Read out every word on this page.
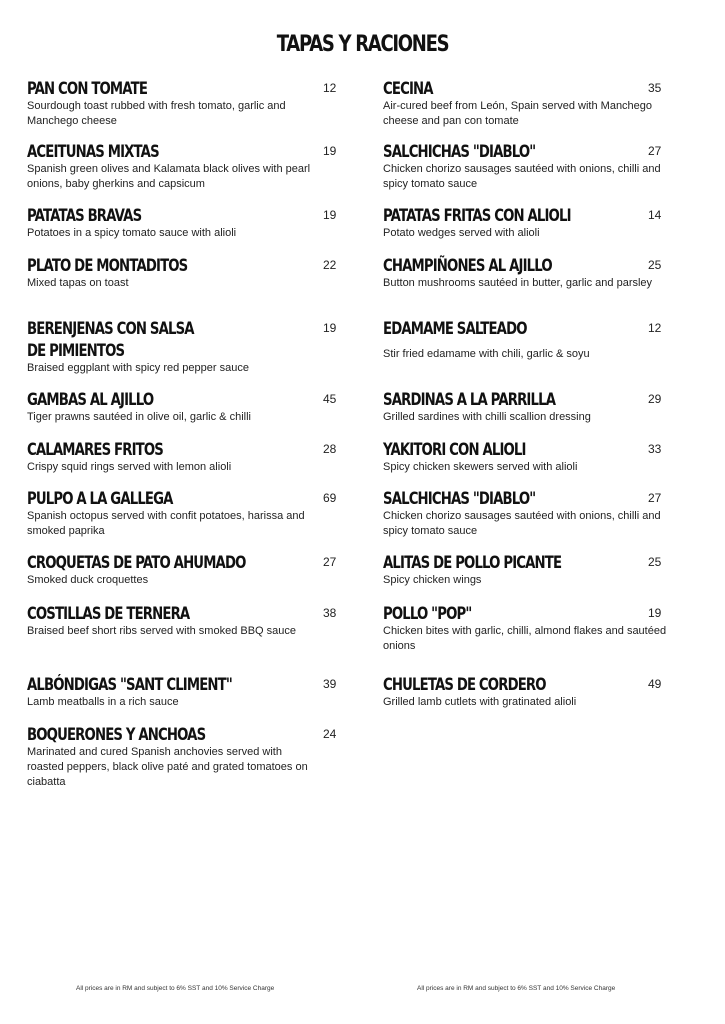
TAPAS Y RACIONES
PAN CON TOMATE
Sourdough toast rubbed with fresh tomato, garlic and Manchego cheese
12
ACEITUNAS MIXTAS
Spanish green olives and Kalamata black olives with pearl onions, baby gherkins and capsicum
19
PATATAS BRAVAS
Potatoes in a spicy tomato sauce with alioli
19
PLATO DE MONTADITOS
Mixed tapas on toast
22
BERENJENAS CON SALSA
DE PIMIENTOS
Braised eggplant with spicy red pepper sauce
19
GAMBAS AL AJILLO
Tiger prawns sautéed in olive oil, garlic & chilli
45
CALAMARES FRITOS
Crispy squid rings served with lemon alioli
28
PULPO A LA GALLEGA
Spanish octopus served with confit potatoes, harissa and smoked paprika
69
CROQUETAS DE PATO AHUMADO
Smoked duck croquettes
27
COSTILLAS DE TERNERA
Braised beef short ribs served with smoked BBQ sauce
38
ALBÓNDIGAS "SANT CLIMENT"
Lamb meatballs in a rich sauce
39
BOQUERONES Y ANCHOAS
Marinated and cured Spanish anchovies served with roasted peppers, black olive paté and grated tomatoes on ciabatta
24
CECINA
Air-cured beef from León, Spain served with Manchego cheese and pan con tomate
35
SALCHICHAS "DIABLO"
Chicken chorizo sausages sautéed with onions, chilli and spicy tomato sauce
27
PATATAS FRITAS CON ALIOLI
Potato wedges served with alioli
14
CHAMPIÑONES AL AJILLO
Button mushrooms sautéed in butter, garlic and parsley
25
EDAMAME SALTEADO
Stir fried edamame with chili, garlic & soyu
12
SARDINAS A LA PARRILLA
Grilled sardines with chilli scallion dressing
29
YAKITORI CON ALIOLI
Spicy chicken skewers served with alioli
33
SALCHICHAS "DIABLO"
Chicken chorizo sausages sautéed with onions, chilli and spicy tomato sauce
27
ALITAS DE POLLO PICANTE
Spicy chicken wings
25
POLLO "POP"
Chicken bites with garlic, chilli, almond flakes and sautéed onions
19
CHULETAS DE CORDERO
Grilled lamb cutlets with gratinated alioli
49
All prices are in RM and subject to 6% SST and 10% Service Charge	All prices are in RM and subject to 6% SST and 10% Service Charge
